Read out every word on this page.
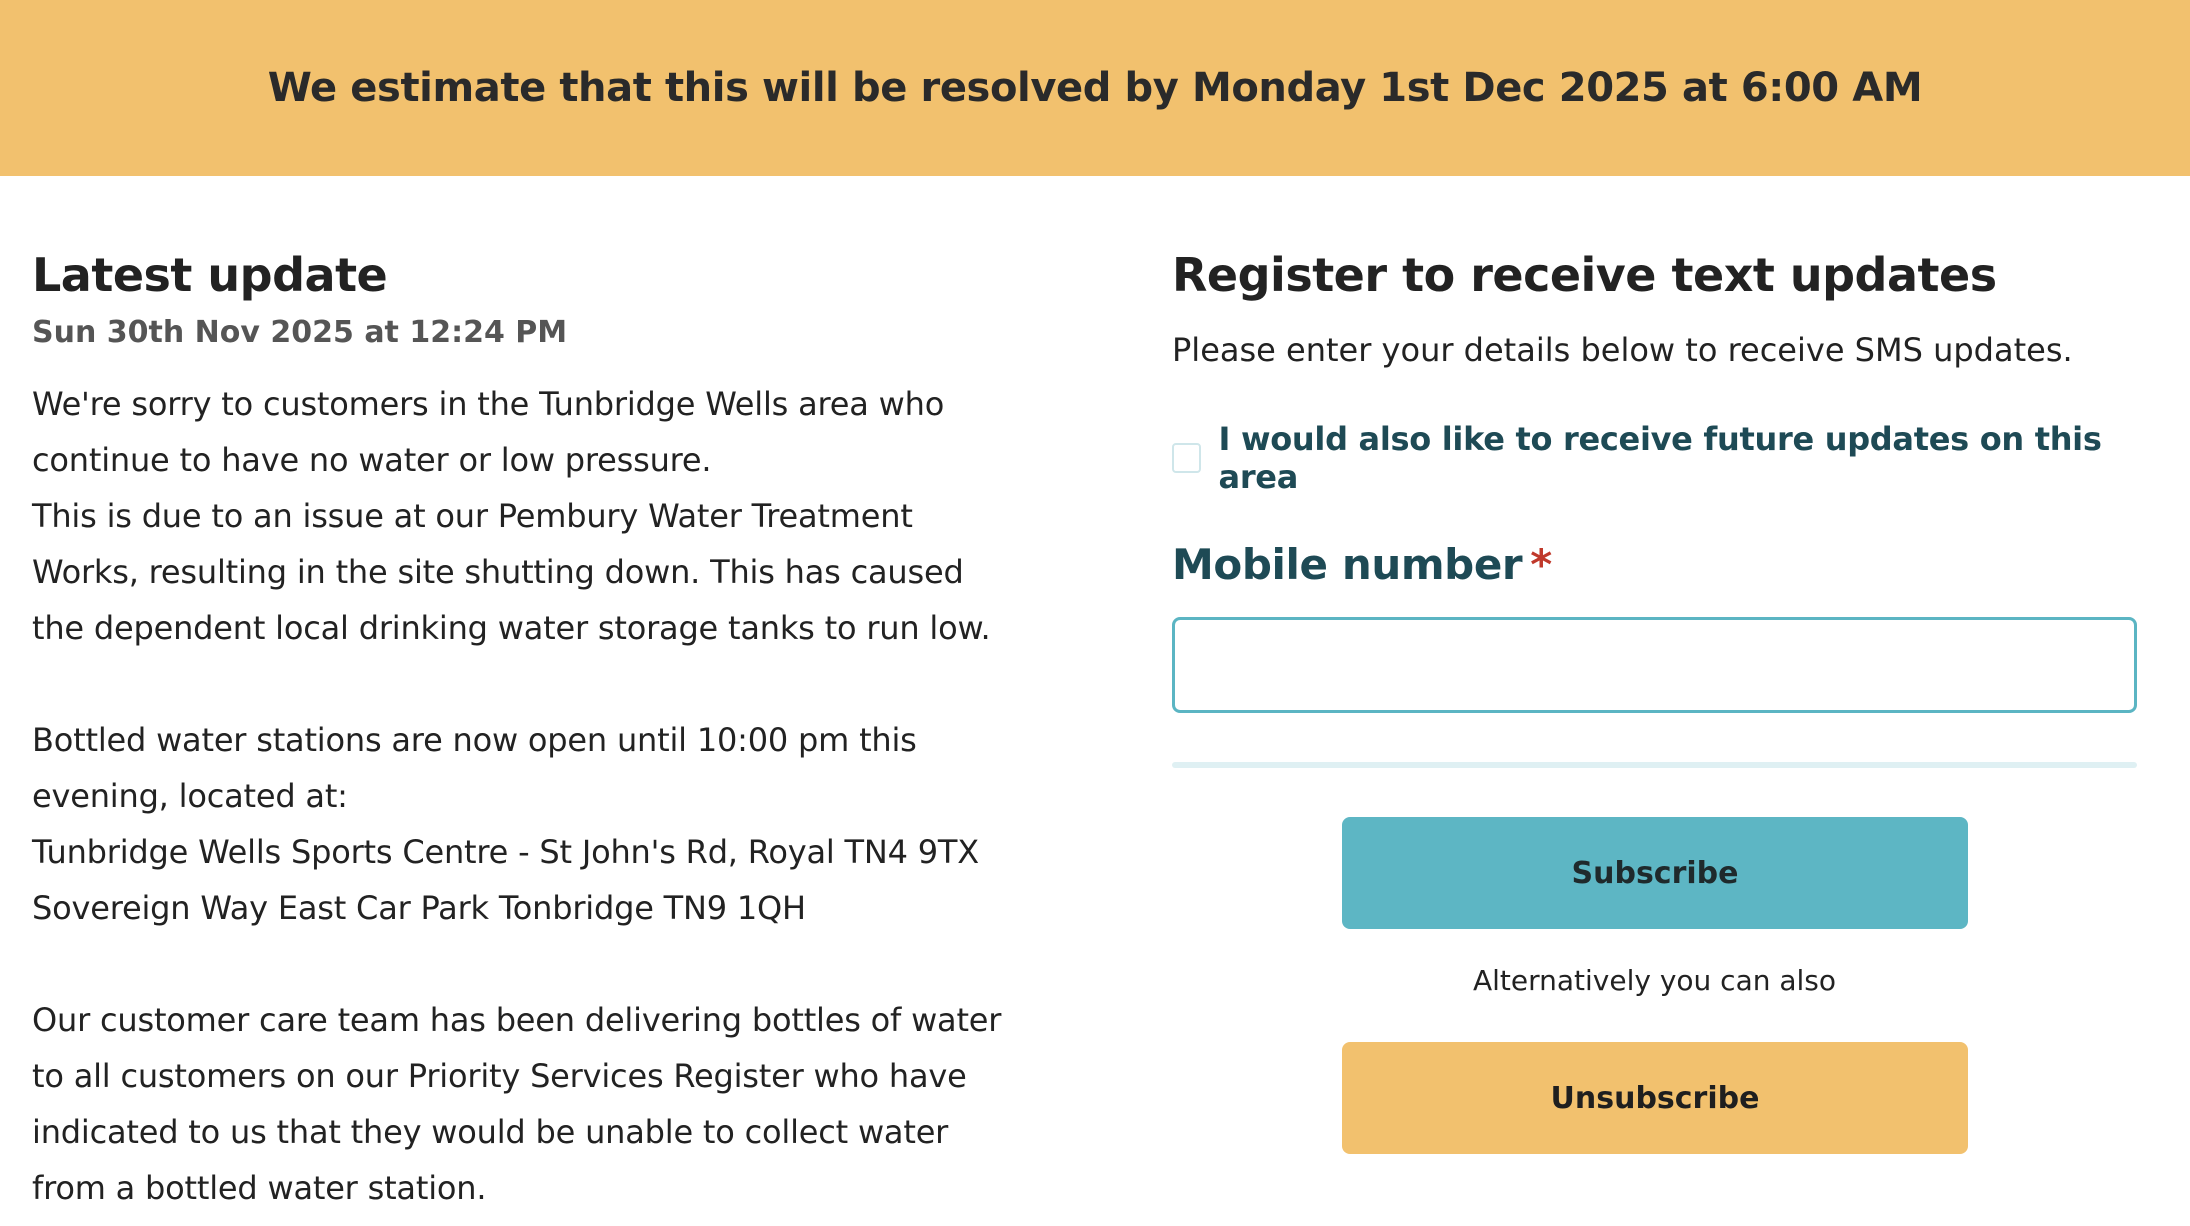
We estimate that this will be resolved by Monday 1st Dec 2025 at 6:00 AM
Latest update
Sun 30th Nov 2025 at 12:24 PM
We're sorry to customers in the Tunbridge Wells area who
continue to have no water or low pressure.
This is due to an issue at our Pembury Water Treatment
Works, resulting in the site shutting down. This has caused
the dependent local drinking water storage tanks to run low.
Bottled water stations are now open until 10:00 pm this
evening, located at:
Tunbridge Wells Sports Centre - St John's Rd, Royal TN4 9TX
Sovereign Way East Car Park Tonbridge TN9 1QH
Our customer care team has been delivering bottles of water
to all customers on our Priority Services Register who have
indicated to us that they would be unable to collect water
from a bottled water station.
Register to receive text updates
Please enter your details below to receive SMS updates.
I would also like to receive future updates on this area
Mobile number *
Subscribe
Alternatively you can also
Unsubscribe
